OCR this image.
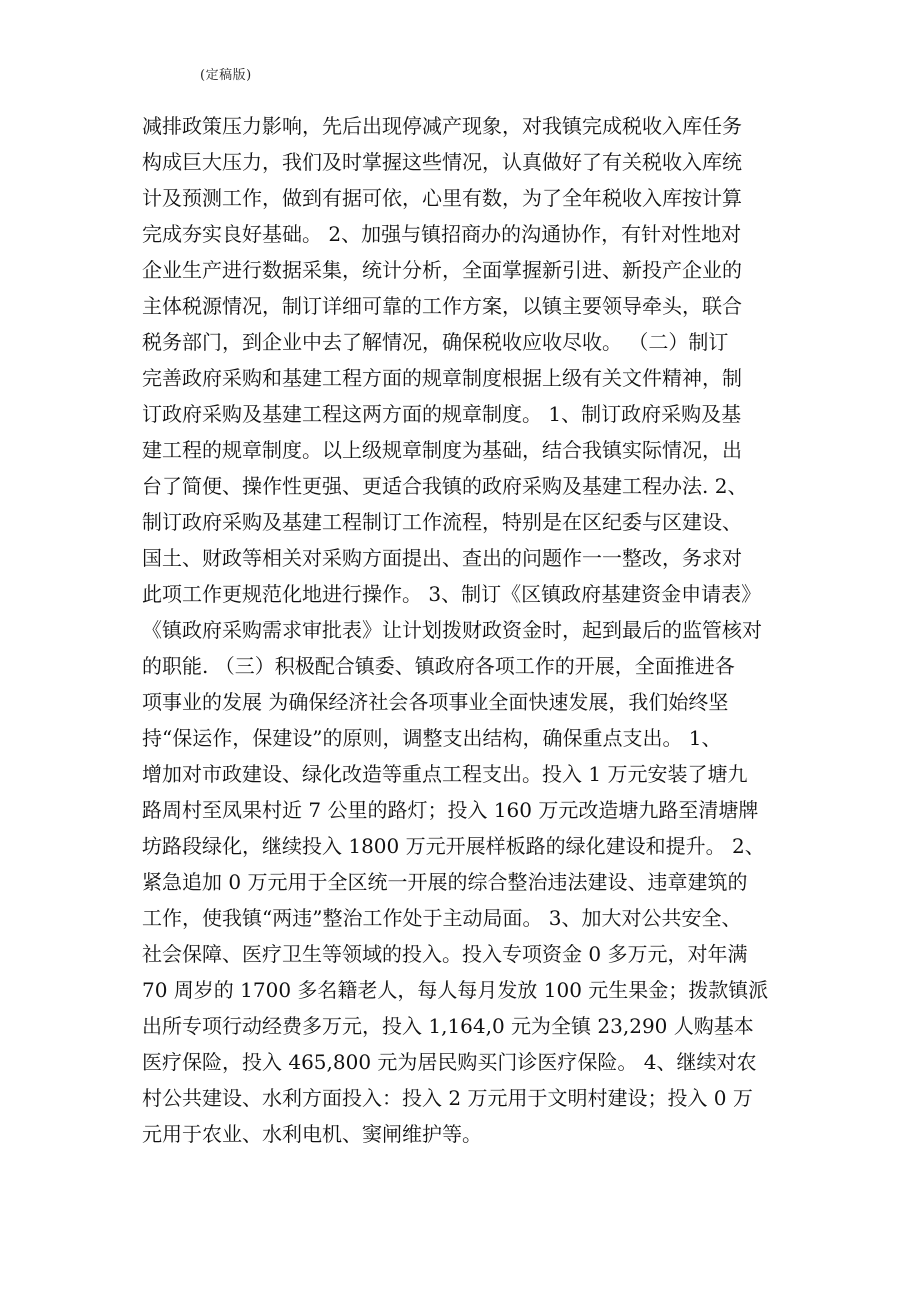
(定稿版)
减排政策压力影响，先后出现停减产现象，对我镇完成税收入库任务
构成巨大压力，我们及时掌握这些情况，认真做好了有关税收入库统
计及预测工作，做到有据可依，心里有数，为了全年税收入库按计算
完成夯实良好基础。 2、加强与镇招商办的沟通协作，有针对性地对
企业生产进行数据采集，统计分析，全面掌握新引进、新投产企业的
主体税源情况，制订详细可靠的工作方案，以镇主要领导牵头，联合
税务部门，到企业中去了解情况，确保税收应收尽收。 （二）制订
完善政府采购和基建工程方面的规章制度根据上级有关文件精神，制
订政府采购及基建工程这两方面的规章制度。 1、制订政府采购及基
建工程的规章制度。以上级规章制度为基础，结合我镇实际情况，出
台了简便、操作性更强、更适合我镇的政府采购及基建工程办法. 2、
制订政府采购及基建工程制订工作流程，特别是在区纪委与区建设、
国土、财政等相关对采购方面提出、查出的问题作一一整改，务求对
此项工作更规范化地进行操作。 3、制订《区镇政府基建资金申请表》
《镇政府采购需求审批表》让计划拨财政资金时，起到最后的监管核对
的职能. （三）积极配合镇委、镇政府各项工作的开展，全面推进各
项事业的发展 为确保经济社会各项事业全面快速发展，我们始终坚
持“保运作，保建设”的原则，调整支出结构，确保重点支出。 1、
增加对市政建设、绿化改造等重点工程支出。投入 1 万元安装了塘九
路周村至凤果村近 7 公里的路灯；投入 160 万元改造塘九路至清塘牌
坊路段绿化，继续投入 1800 万元开展样板路的绿化建设和提升。 2、
紧急追加 0 万元用于全区统一开展的综合整治违法建设、违章建筑的
工作，使我镇“两违”整治工作处于主动局面。 3、加大对公共安全、
社会保障、医疗卫生等领域的投入。投入专项资金 0 多万元，对年满
70 周岁的 1700 多名籍老人，每人每月发放 100 元生果金；拨款镇派
出所专项行动经费多万元，投入 1,164,0 元为全镇 23,290 人购基本
医疗保险，投入 465,800 元为居民购买门诊医疗保险。 4、继续对农
村公共建设、水利方面投入：投入 2 万元用于文明村建设；投入 0 万
元用于农业、水利电机、窦闸维护等。
